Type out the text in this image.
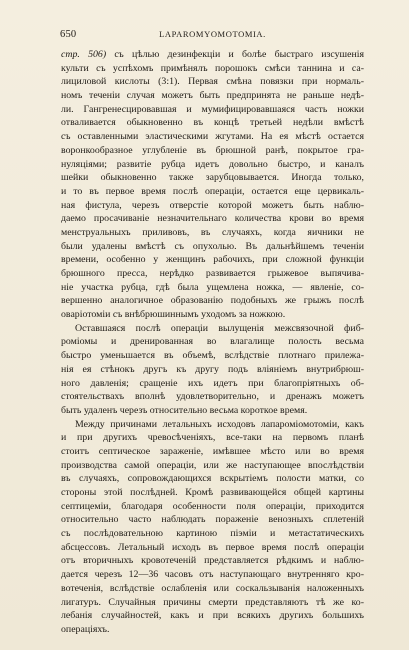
650	LAPAROMYOMOTOMIA.
стр. 506) съ цѣлью дезинфекціи и болѣе быстраго изсушенія
культи съ успѣхомъ примѣнялъ порошокъ смѣси таннина и са-
лициловой кислоты (3:1). Первая смѣна повязки при нормаль-
номъ теченіи случая можетъ быть предпринята не раньше недѣ-
ли. Гангренесцировавшая и мумифицировавшаяся часть ножки
отваливается обыкновенно въ концѣ третьей недѣли вмѣстѣ
съ оставленными эластическими жгутами. На ея мѣстѣ остается
воронкообразное углубленіе въ брюшной ранѣ, покрытое гра-
нуляціями; развитіе рубца идетъ довольно быстро, и каналъ
шейки обыкновенно также зарубцовывается. Иногда только,
и то въ первое время послѣ операціи, остается еще цервикаль-
ная фистула, черезъ отверстіе которой можетъ быть наблю-
даемо просачиваніе незначительнаго количества крови во время
менструальныхъ приливовъ, въ случаяхъ, когда яичники не
были удалены вмѣстѣ съ опухолью. Въ дальнѣйшемъ теченіи
времени, особенно у женщинъ рабочихъ, при сложной функціи
брюшного пресса, нерѣдко развивается грыжевое выпячива-
ніе участка рубца, гдѣ была ущемлена ножка, — явленіе, со-
вершенно аналогичное образованію подобныхъ же грыжъ послѣ
оваріотоміи съ внѣбрюшиннымъ уходомъ за ножкою.
Оставшаяся послѣ операціи вылущенія межсвязочной фиб-
роміомы и дренированная во влагалище полость весьма
быстро уменьшается въ объемѣ, вслѣдствіе плотнаго прилежа-
нія ея стѣнокъ другъ къ другу подъ вліяніемъ внутрибрюш-
ного давленія; сращеніе ихъ идетъ при благопріятныхъ об-
стоятельствахъ вполнѣ удовлетворительно, и дренажъ можетъ
быть удаленъ черезъ относительно весьма короткое время.
Между причинами летальныхъ исходовъ лапаромiомотоміи, какъ
и при другихъ чревосѣченіяхъ, все-таки на первомъ планѣ
стоитъ септическое зараженіе, имѣвшее мѣсто или во время
производства самой операціи, или же наступающее впослѣдствіи
въ случаяхъ, сопровождающихся вскрытіемъ полости матки, со
стороны этой послѣдней. Кромѣ развивающейся общей картины
септицеміи, благодаря особенности поля операціи, приходится
относительно часто наблюдать пораженіе венозныхъ сплетеній
съ послѣдовательною картиною піэміи и метастатическихъ
абсцессовъ. Летальный исходъ въ первое время послѣ операціи
отъ вторичныхъ кровотеченій представляется рѣдкимъ и наблю-
дается черезъ 12—36 часовъ отъ наступающаго внутренняго кро-
вотеченія, вслѣдствіе ослабленія или соскальзыванія наложенныхъ
лигатуръ. Случайныя причины смерти представляютъ тѣ же ко-
лебанія случайностей, какъ и при всякихъ другихъ большихъ
операціяхъ.
